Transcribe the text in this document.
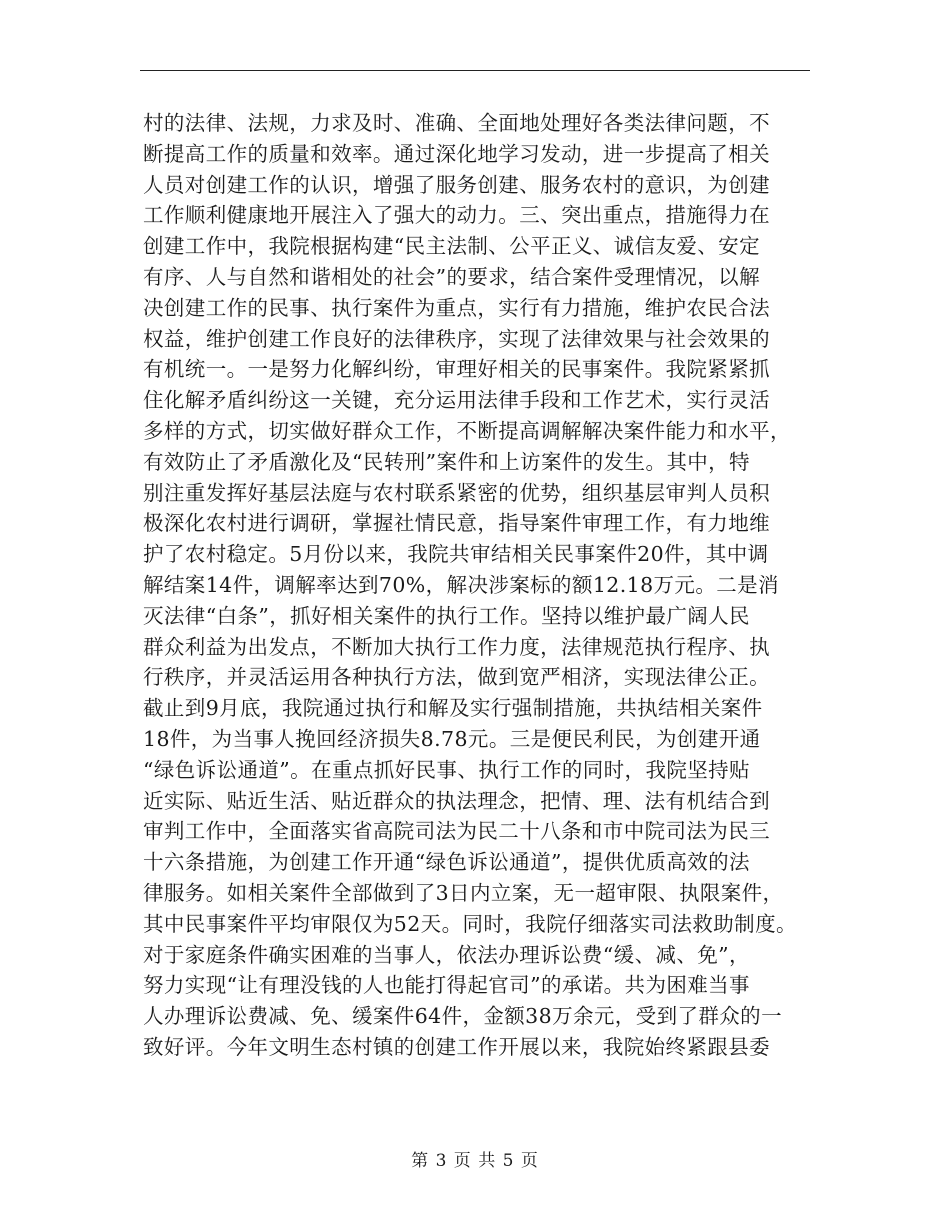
村的法律、法规，力求及时、准确、全面地处理好各类法律问题，不
断提高工作的质量和效率。通过深化地学习发动，进一步提高了相关
人员对创建工作的认识，增强了服务创建、服务农村的意识，为创建
工作顺利健康地开展注入了强大的动力。三、突出重点，措施得力在
创建工作中，我院根据构建“民主法制、公平正义、诚信友爱、安定
有序、人与自然和谐相处的社会”的要求，结合案件受理情况，以解
决创建工作的民事、执行案件为重点，实行有力措施，维护农民合法
权益，维护创建工作良好的法律秩序，实现了法律效果与社会效果的
有机统一。一是努力化解纠纷，审理好相关的民事案件。我院紧紧抓
住化解矛盾纠纷这一关键，充分运用法律手段和工作艺术，实行灵活
多样的方式，切实做好群众工作，不断提高调解解决案件能力和水平，
有效防止了矛盾激化及“民转刑”案件和上访案件的发生。其中，特
别注重发挥好基层法庭与农村联系紧密的优势，组织基层审判人员积
极深化农村进行调研，掌握社情民意，指导案件审理工作，有力地维
护了农村稳定。5月份以来，我院共审结相关民事案件20件，其中调
解结案14件，调解率达到70%，解决涉案标的额12.18万元。二是消
灭法律“白条”，抓好相关案件的执行工作。坚持以维护最广阔人民
群众利益为出发点，不断加大执行工作力度，法律规范执行程序、执
行秩序，并灵活运用各种执行方法，做到宽严相济，实现法律公正。
截止到9月底，我院通过执行和解及实行强制措施，共执结相关案件
18件，为当事人挽回经济损失8.78元。三是便民利民，为创建开通
“绿色诉讼通道”。在重点抓好民事、执行工作的同时，我院坚持贴
近实际、贴近生活、贴近群众的执法理念，把情、理、法有机结合到
审判工作中，全面落实省高院司法为民二十八条和市中院司法为民三
十六条措施，为创建工作开通“绿色诉讼通道”，提供优质高效的法
律服务。如相关案件全部做到了3日内立案，无一超审限、执限案件，
其中民事案件平均审限仅为52天。同时，我院仔细落实司法救助制度。
对于家庭条件确实困难的当事人，依法办理诉讼费“缓、减、免”，
努力实现“让有理没钱的人也能打得起官司”的承诺。共为困难当事
人办理诉讼费减、免、缓案件64件，金额38万余元，受到了群众的一
致好评。今年文明生态村镇的创建工作开展以来，我院始终紧跟县委
第 3 页 共 5 页
